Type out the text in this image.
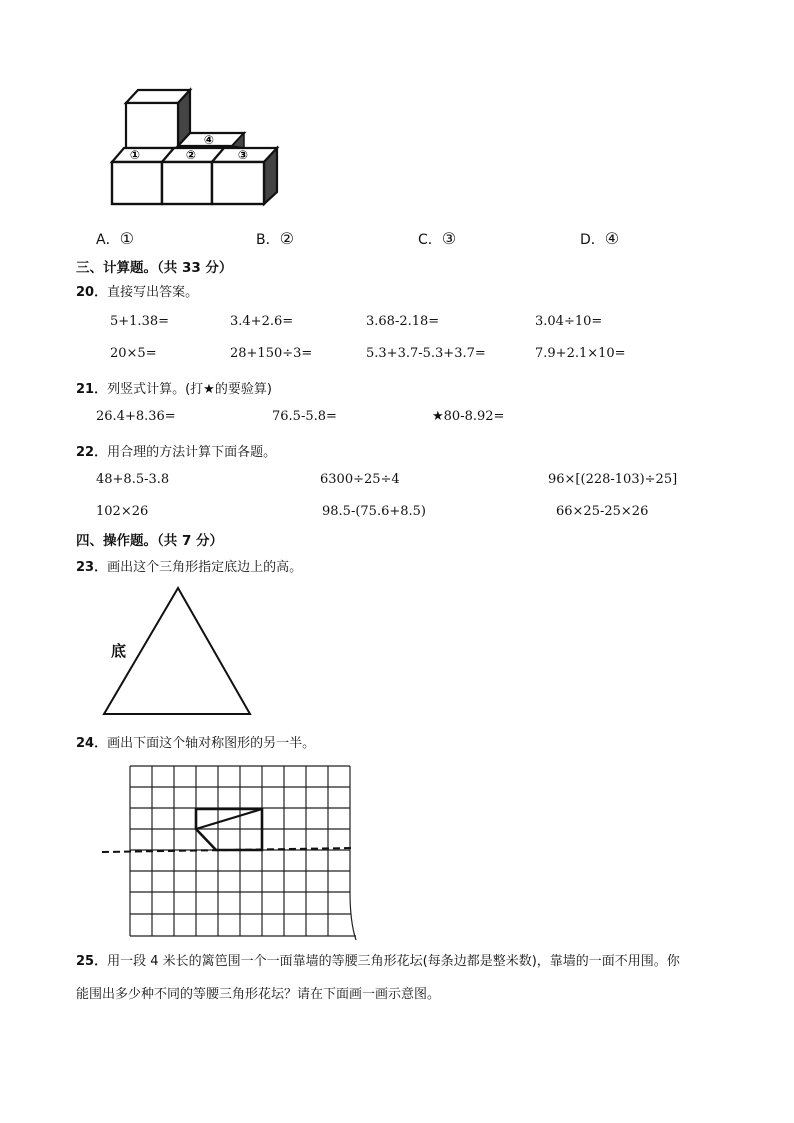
①	②	③
④
A．①	B．②	C．③	D．④
三、计算题。（共 33 分）
20．直接写出答案。
5+1.38=	3.4+2.6=	3.68-2.18=	3.04÷10=
20×5=	28+150÷3=	5.3+3.7-5.3+3.7=	7.9+2.1×10=
21．列竖式计算。(打★的要验算)
26.4+8.36=	76.5-5.8=	★80-8.92=
22．用合理的方法计算下面各题。
48+8.5-3.8	6300÷25÷4	96×[(228-103)÷25]
102×26	98.5-(75.6+8.5)	66×25-25×26
四、操作题。（共 7 分）
23．画出这个三角形指定底边上的高。
底
24．画出下面这个轴对称图形的另一半。
25．用一段 4 米长的篱笆围一个一面靠墙的等腰三角形花坛(每条边都是整米数)，靠墙的一面不用围。你
能围出多少种不同的等腰三角形花坛？请在下面画一画示意图。
